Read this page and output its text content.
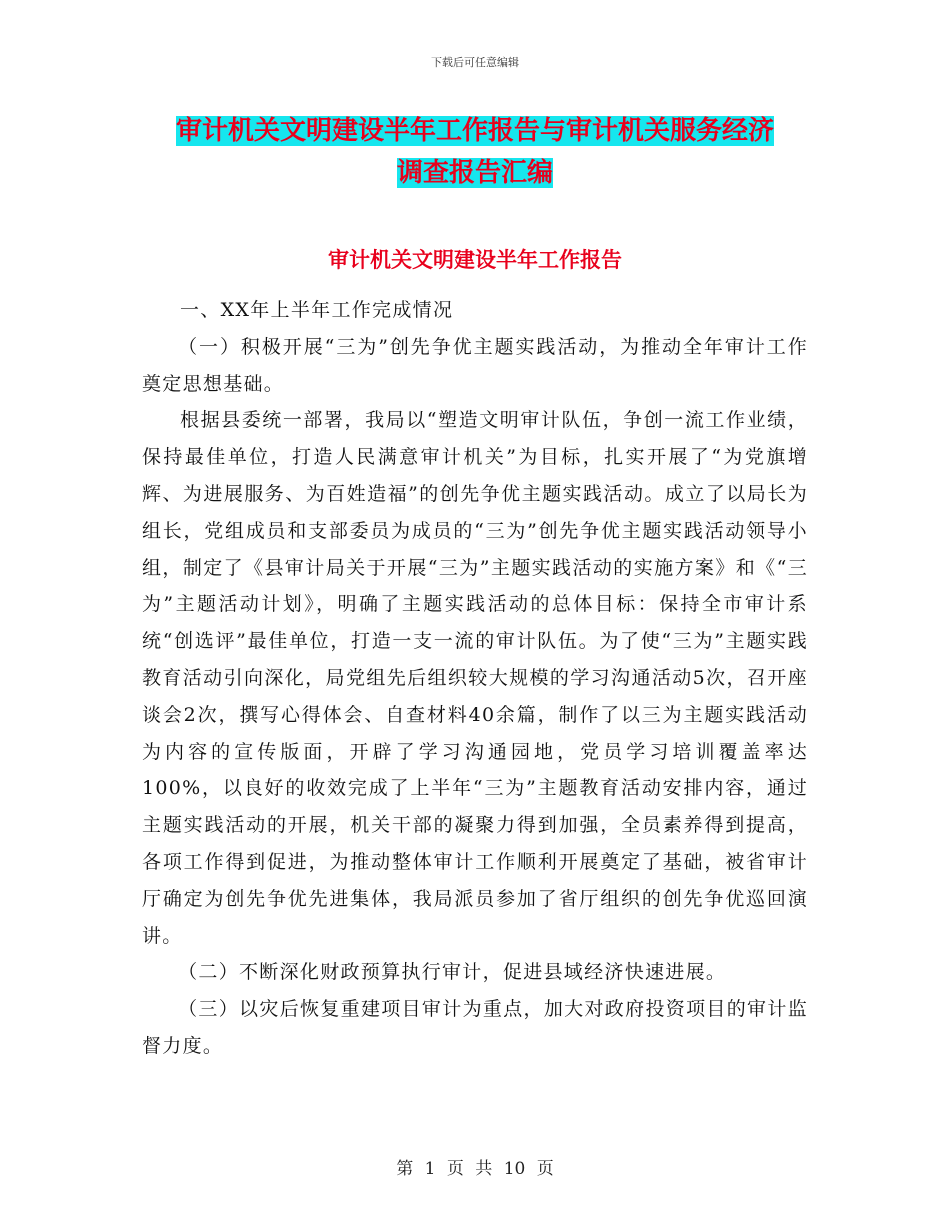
下载后可任意编辑
审计机关文明建设半年工作报告与审计机关服务经济
调查报告汇编
审计机关文明建设半年工作报告

一、XX年上半年工作完成情况

（一）积极开展“三为”创先争优主题实践活动，为推动全年审计工作奠定思想基础。

根据县委统一部署，我局以“塑造文明审计队伍，争创一流工作业绩，保持最佳单位，打造人民满意审计机关”为目标，扎实开展了“为党旗增辉、为进展服务、为百姓造福”的创先争优主题实践活动。成立了以局长为组长，党组成员和支部委员为成员的“三为”创先争优主题实践活动领导小组，制定了《县审计局关于开展“三为”主题实践活动的实施方案》和《“三为”主题活动计划》，明确了主题实践活动的总体目标：保持全市审计系统“创选评”最佳单位，打造一支一流的审计队伍。为了使“三为”主题实践教育活动引向深化，局党组先后组织较大规模的学习沟通活动5次，召开座谈会2次，撰写心得体会、自查材料40余篇，制作了以三为主题实践活动为内容的宣传版面，开辟了学习沟通园地，党员学习培训覆盖率达100%，以良好的收效完成了上半年“三为”主题教育活动安排内容，通过主题实践活动的开展，机关干部的凝聚力得到加强，全员素养得到提高，各项工作得到促进，为推动整体审计工作顺利开展奠定了基础，被省审计厅确定为创先争优先进集体，我局派员参加了省厅组织的创先争优巡回演讲。

（二）不断深化财政预算执行审计，促进县域经济快速进展。

（三）以灾后恢复重建项目审计为重点，加大对政府投资项目的审计监督力度。

第 1 页 共 10 页
